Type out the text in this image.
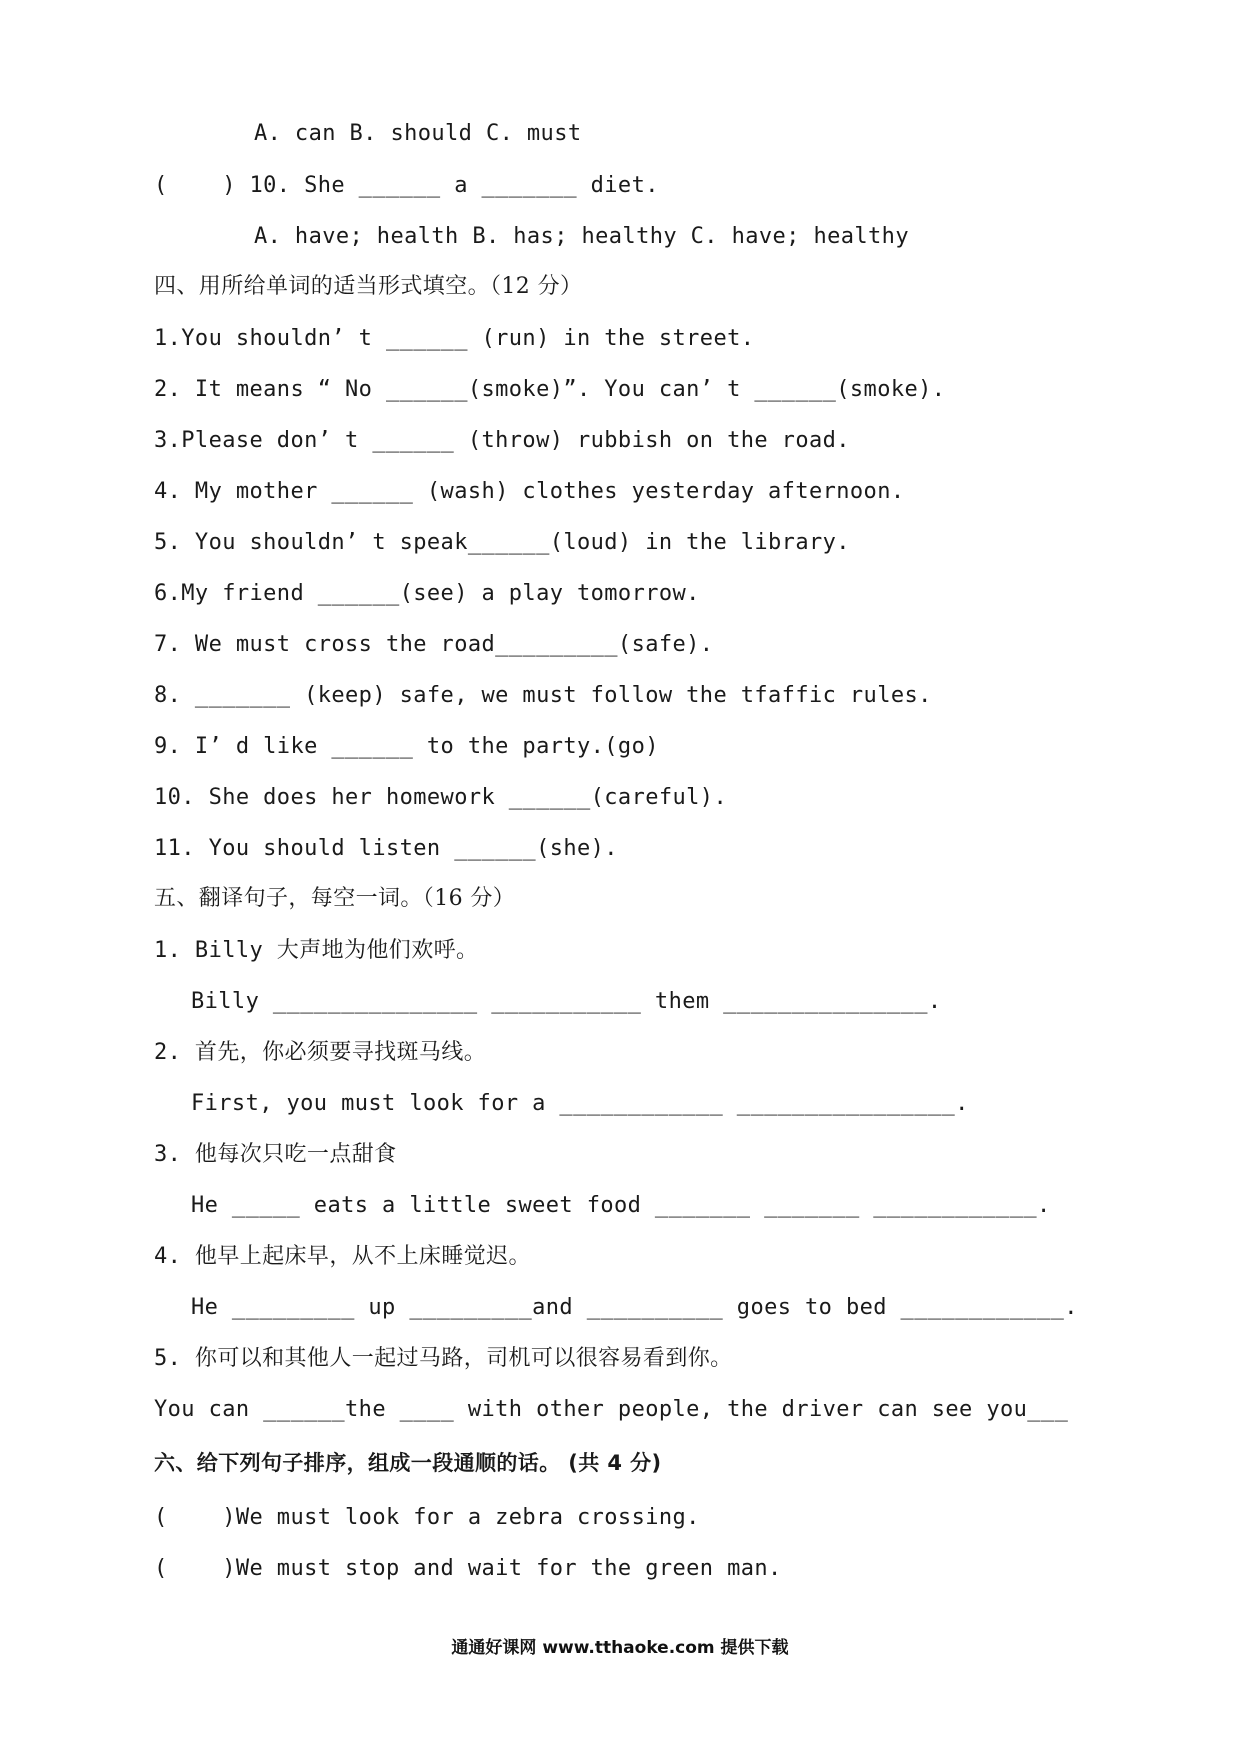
A. can B. should C. must
(    ) 10. She ______ a _______ diet.
A. have; health B. has; healthy C. have; healthy
四、用所给单词的适当形式填空。（12 分）
1.You shouldn’ t ______ (run) in the street.
2. It means “ No ______(smoke)”. You can’ t ______(smoke).
3.Please don’ t ______ (throw) rubbish on the road.
4. My mother ______ (wash) clothes yesterday afternoon.
5. You shouldn’ t speak______(loud) in the library.
6.My friend ______(see) a play tomorrow.
7. We must cross the road_________(safe).
8. _______ (keep) safe, we must follow the tfaffic rules.
9. I’ d like ______ to the party.(go)
10. She does her homework ______(careful).
11. You should listen ______(she).
五、翻译句子，每空一词。（16 分）
1. Billy 大声地为他们欢呼。
Billy _______________ ___________ them _______________.
2. 首先，你必须要寻找斑马线。
First, you must look for a ____________ ________________.
3. 他每次只吃一点甜食
He _____ eats a little sweet food _______ _______ ____________.
4. 他早上起床早，从不上床睡觉迟。
He _________ up _________and __________ goes to bed ____________.
5. 你可以和其他人一起过马路，司机可以很容易看到你。
You can ______the ____ with other people, the driver can see you___
六、给下列句子排序，组成一段通顺的话。 (共 4 分)
(    )We must look for a zebra crossing.
(    )We must stop and wait for the green man.
通通好课网 www.tthaoke.com 提供下载
